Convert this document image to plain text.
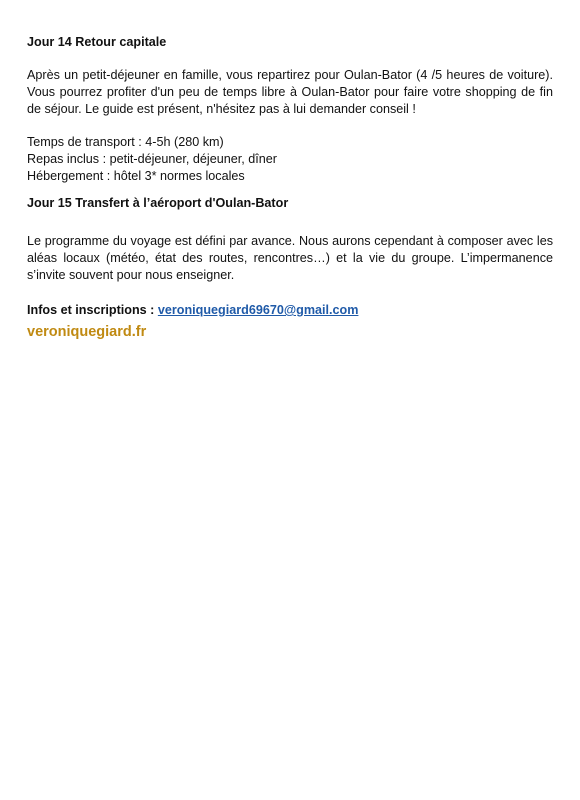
Jour 14 Retour capitale

Après un petit-déjeuner en famille, vous repartirez pour Oulan-Bator (4 /5 heures de voiture). Vous pourrez profiter d'un peu de temps libre à Oulan-Bator pour faire votre shopping de fin de séjour. Le guide est présent, n'hésitez pas à lui demander conseil !

Temps de transport : 4-5h (280 km)
Repas inclus : petit-déjeuner, déjeuner, dîner
Hébergement : hôtel 3* normes locales

Jour 15 Transfert à l’aéroport d'Oulan-Bator

Le programme du voyage est défini par avance. Nous aurons cependant à composer avec les aléas locaux (météo, état des routes, rencontres…) et la vie du groupe. L’impermanence s’invite souvent pour nous enseigner.

Infos et inscriptions : veroniquegiard69670@gmail.com

veroniquegiard.fr
